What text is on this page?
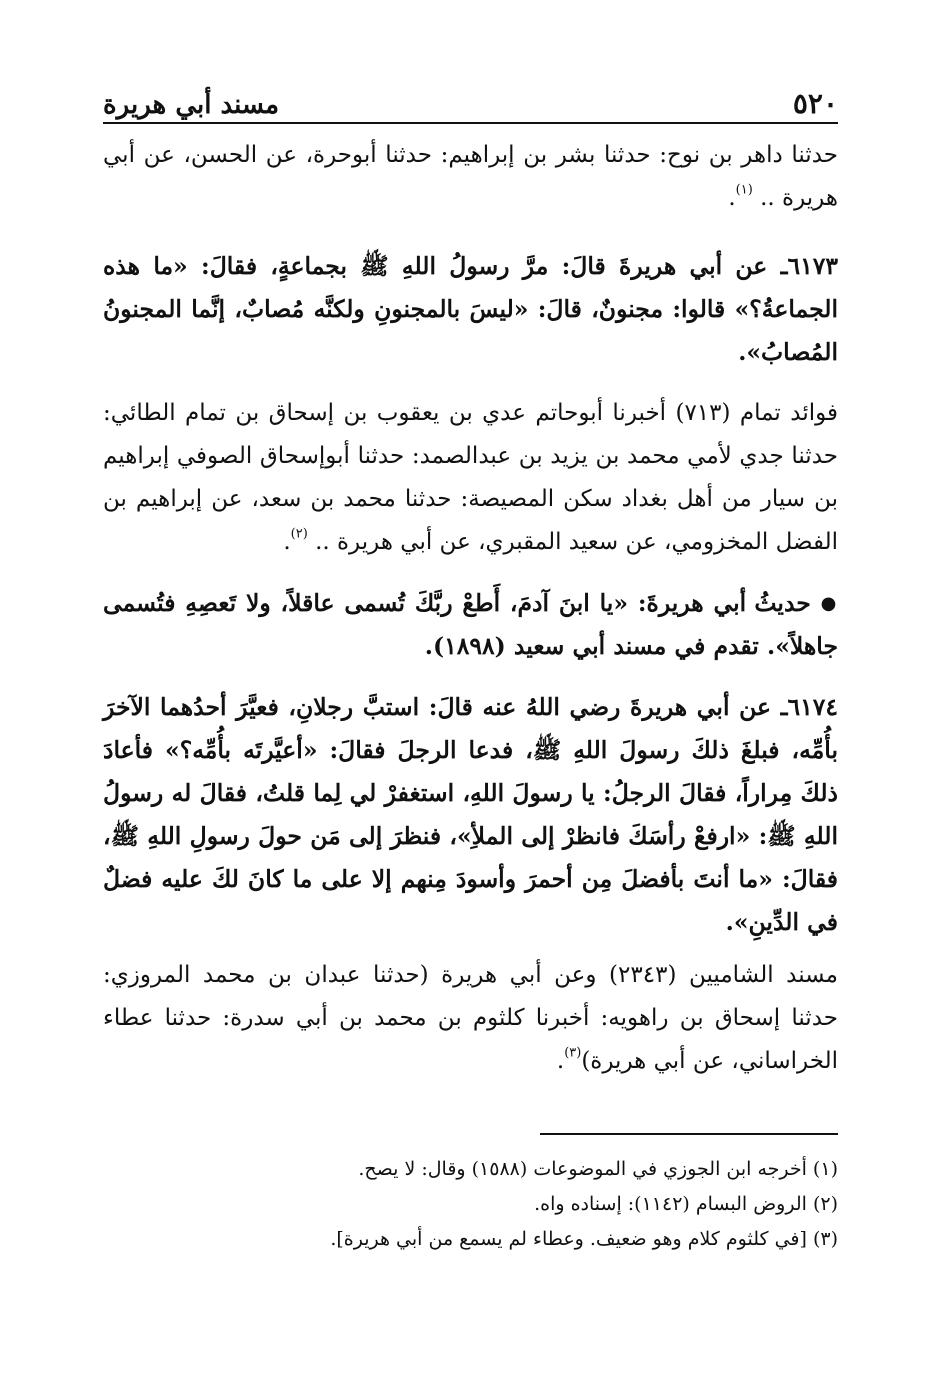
٥٢٠
مسند أبي هريرة

حدثنا داهر بن نوح: حدثنا بشر بن إبراهيم: حدثنا أبوحرة، عن الحسن، عن أبي هريرة .. $^{(١)}$.

٦١٧٣ـ عن أبي هريرةَ قالَ: مرَّ رسولُ اللهِ ﷺ بجماعةٍ، فقالَ: «ما هذه الجماعةُ؟» قالوا: مجنونٌ، قالَ: «ليسَ بالمجنونِ ولكنَّه مُصابٌ، إنَّما المجنونُ المُصابُ».

فوائد تمام (٧١٣) أخبرنا أبوحاتم عدي بن يعقوب بن إسحاق بن تمام الطائي: حدثنا جدي لأمي محمد بن يزيد بن عبدالصمد: حدثنا أبوإسحاق الصوفي إبراهيم بن سيار من أهل بغداد سكن المصيصة: حدثنا محمد بن سعد، عن إبراهيم بن الفضل المخزومي، عن سعيد المقبري، عن أبي هريرة .. $^{(٢)}$.

● حديثُ أبي هريرةَ: «يا ابنَ آدمَ، أَطعْ ربَّكَ تُسمى عاقلاً، ولا تَعصِهِ فتُسمى جاهلاً». تقدم في مسند أبي سعيد (١٨٩٨).

٦١٧٤ـ عن أبي هريرةَ رضي اللهُ عنه قالَ: استبَّ رجلانِ، فعيَّرَ أحدُهما الآخرَ بأُمِّه، فبلغَ ذلكَ رسولَ اللهِ ﷺ، فدعا الرجلَ فقالَ: «أعيَّرتَه بأُمِّه؟» فأعادَ ذلكَ مِراراً، فقالَ الرجلُ: يا رسولَ اللهِ، استغفرْ لي لِما قلتُ، فقالَ له رسولُ اللهِ ﷺ: «ارفعْ رأسَكَ فانظرْ إلى الملأِ»، فنظرَ إلى مَن حولَ رسولِ اللهِ ﷺ، فقالَ: «ما أنتَ بأفضلَ مِن أحمرَ وأسودَ مِنهم إلا على ما كانَ لكَ عليه فضلٌ في الدِّينِ».

مسند الشاميين (٢٣٤٣) وعن أبي هريرة (حدثنا عبدان بن محمد المروزي: حدثنا إسحاق بن راهويه: أخبرنا كلثوم بن محمد بن أبي سدرة: حدثنا عطاء الخراساني، عن أبي هريرة)$^{(٣)}$.

(١) أخرجه ابن الجوزي في الموضوعات (١٥٨٨) وقال: لا يصح.

(٢) الروض البسام (١١٤٢): إسناده واه.

(٣) [في كلثوم كلام وهو ضعيف. وعطاء لم يسمع من أبي هريرة].
